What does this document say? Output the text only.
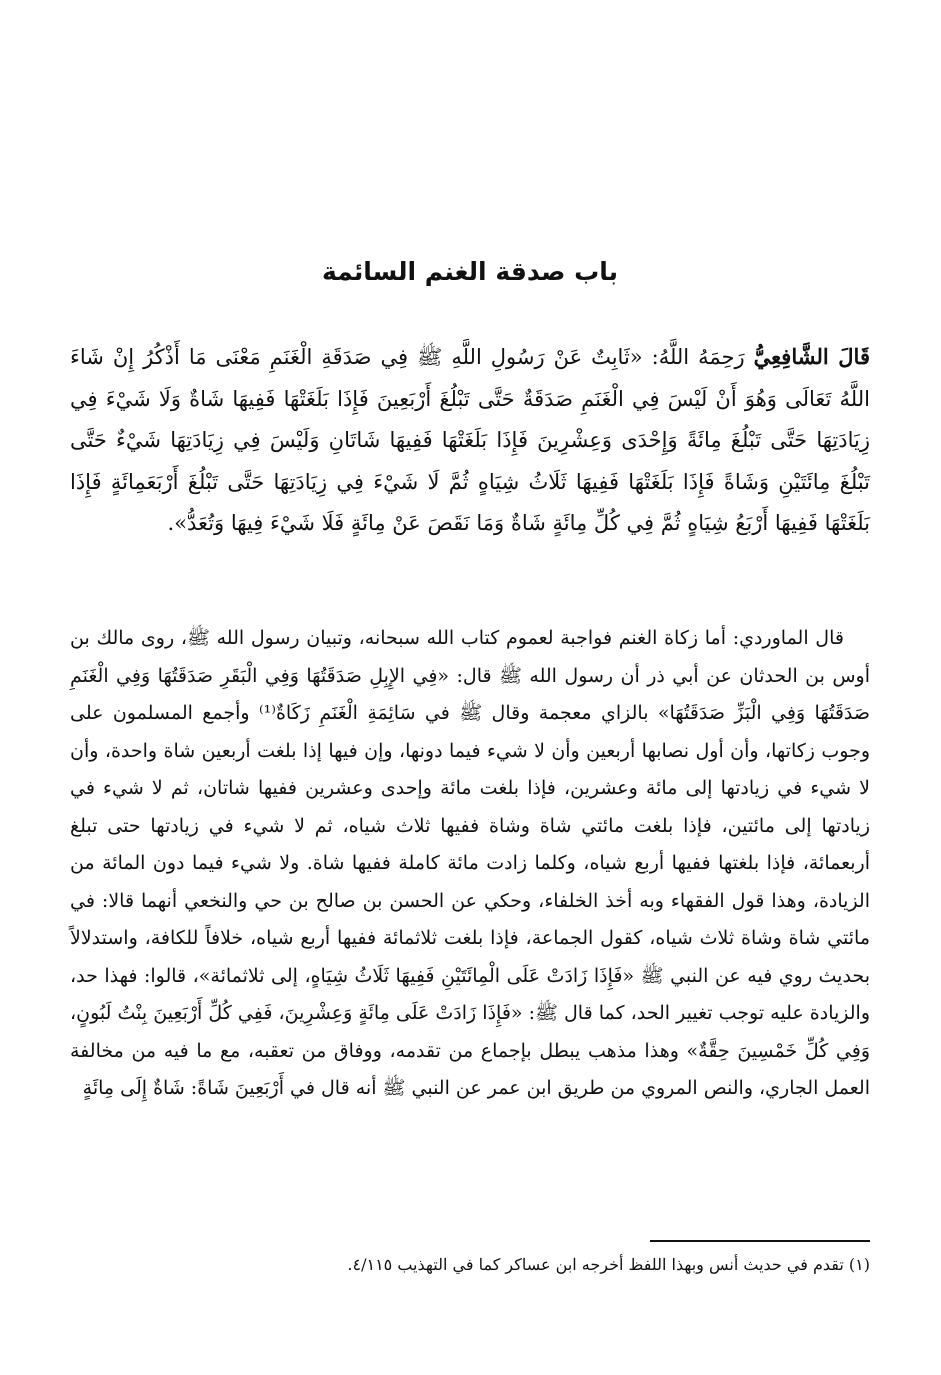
باب صدقة الغنم السائمة

قَالَ الشَّافِعِيُّ رَحِمَهُ اللَّهُ: «ثَابِتٌ عَنْ رَسُولِ اللَّهِ ﷺ فِي صَدَقَةِ الْغَنَمِ مَعْنَى مَا أَذْكُرُ إِنْ شَاءَ اللَّهُ تَعَالَى وَهُوَ أَنْ لَيْسَ فِي الْغَنَمِ صَدَقَةٌ حَتَّى تَبْلُغَ أَرْبَعِينَ فَإِذَا بَلَغَتْهَا فَفِيهَا شَاةٌ وَلَا شَيْءَ فِي زِيَادَتِهَا حَتَّى تَبْلُغَ مِائَةً وَإِحْدَى وَعِشْرِينَ فَإِذَا بَلَغَتْهَا فَفِيهَا شَاتَانِ وَلَيْسَ فِي زِيَادَتِهَا شَيْءٌ حَتَّى تَبْلُغَ مِائَتَيْنِ وَشَاةً فَإِذَا بَلَغَتْهَا فَفِيهَا ثَلَاثُ شِيَاهٍ ثُمَّ لَا شَيْءَ فِي زِيَادَتِهَا حَتَّى تَبْلُغَ أَرْبَعَمِائَةٍ فَإِذَا بَلَغَتْهَا فَفِيهَا أَرْبَعُ شِيَاهٍ ثُمَّ فِي كُلِّ مِائَةٍ شَاةٌ وَمَا نَقَصَ عَنْ مِائَةٍ فَلَا شَيْءَ فِيهَا وَتُعَدُّ».

قال الماوردي: أما زكاة الغنم فواجبة لعموم كتاب الله سبحانه، وتبيان رسول الله ﷺ، روى مالك بن أوس بن الحدثان عن أبي ذر أن رسول الله ﷺ قال: «فِي الإِبِلِ صَدَقَتُهَا وَفِي الْبَقَرِ صَدَقَتُهَا وَفِي الْغَنَمِ صَدَقَتُهَا وَفِي الْبَزِّ صَدَقَتُهَا» بالزاي معجمة وقال ﷺ في سَائِمَةِ الْغَنَمِ زَكَاةٌ⁽¹⁾ وأجمع المسلمون على وجوب زكاتها، وأن أول نصابها أربعين وأن لا شيء فيما دونها، وإن فيها إذا بلغت أربعين شاة واحدة، وأن لا شيء في زيادتها إلى مائة وعشرين، فإذا بلغت مائة وإحدى وعشرين ففيها شاتان، ثم لا شيء في زيادتها إلى مائتين، فإذا بلغت مائتي شاة وشاة ففيها ثلاث شياه، ثم لا شيء في زيادتها حتى تبلغ أربعمائة، فإذا بلغتها ففيها أربع شياه، وكلما زادت مائة كاملة ففيها شاة. ولا شيء فيما دون المائة من الزيادة، وهذا قول الفقهاء وبه أخذ الخلفاء، وحكي عن الحسن بن صالح بن حي والنخعي أنهما قالا: في مائتي شاة وشاة ثلاث شياه، كقول الجماعة، فإذا بلغت ثلاثمائة ففيها أربع شياه، خلافاً للكافة، واستدلالاً بحديث روي فيه عن النبي ﷺ «فَإِذَا زَادَتْ عَلَى الْمِائَتَيْنِ فَفِيهَا ثَلَاثُ شِيَاهٍ، إلى ثلاثمائة»، قالوا: فهذا حد، والزيادة عليه توجب تغيير الحد، كما قال ﷺ: «فَإِذَا زَادَتْ عَلَى مِائَةٍ وَعِشْرِينَ، فَفِي كُلِّ أَرْبَعِينَ بِنْتُ لَبُونٍ، وَفِي كُلِّ خَمْسِينَ حِقَّةٌ» وهذا مذهب يبطل بإجماع من تقدمه، ووفاق من تعقبه، مع ما فيه من مخالفة العمل الجاري، والنص المروي من طريق ابن عمر عن النبي ﷺ أنه قال في أَرْبَعِينَ شَاةً: شَاةٌ إِلَى مِائَةٍ

(١) تقدم في حديث أنس وبهذا اللفظ أخرجه ابن عساكر كما في التهذيب ٤/١١٥.
